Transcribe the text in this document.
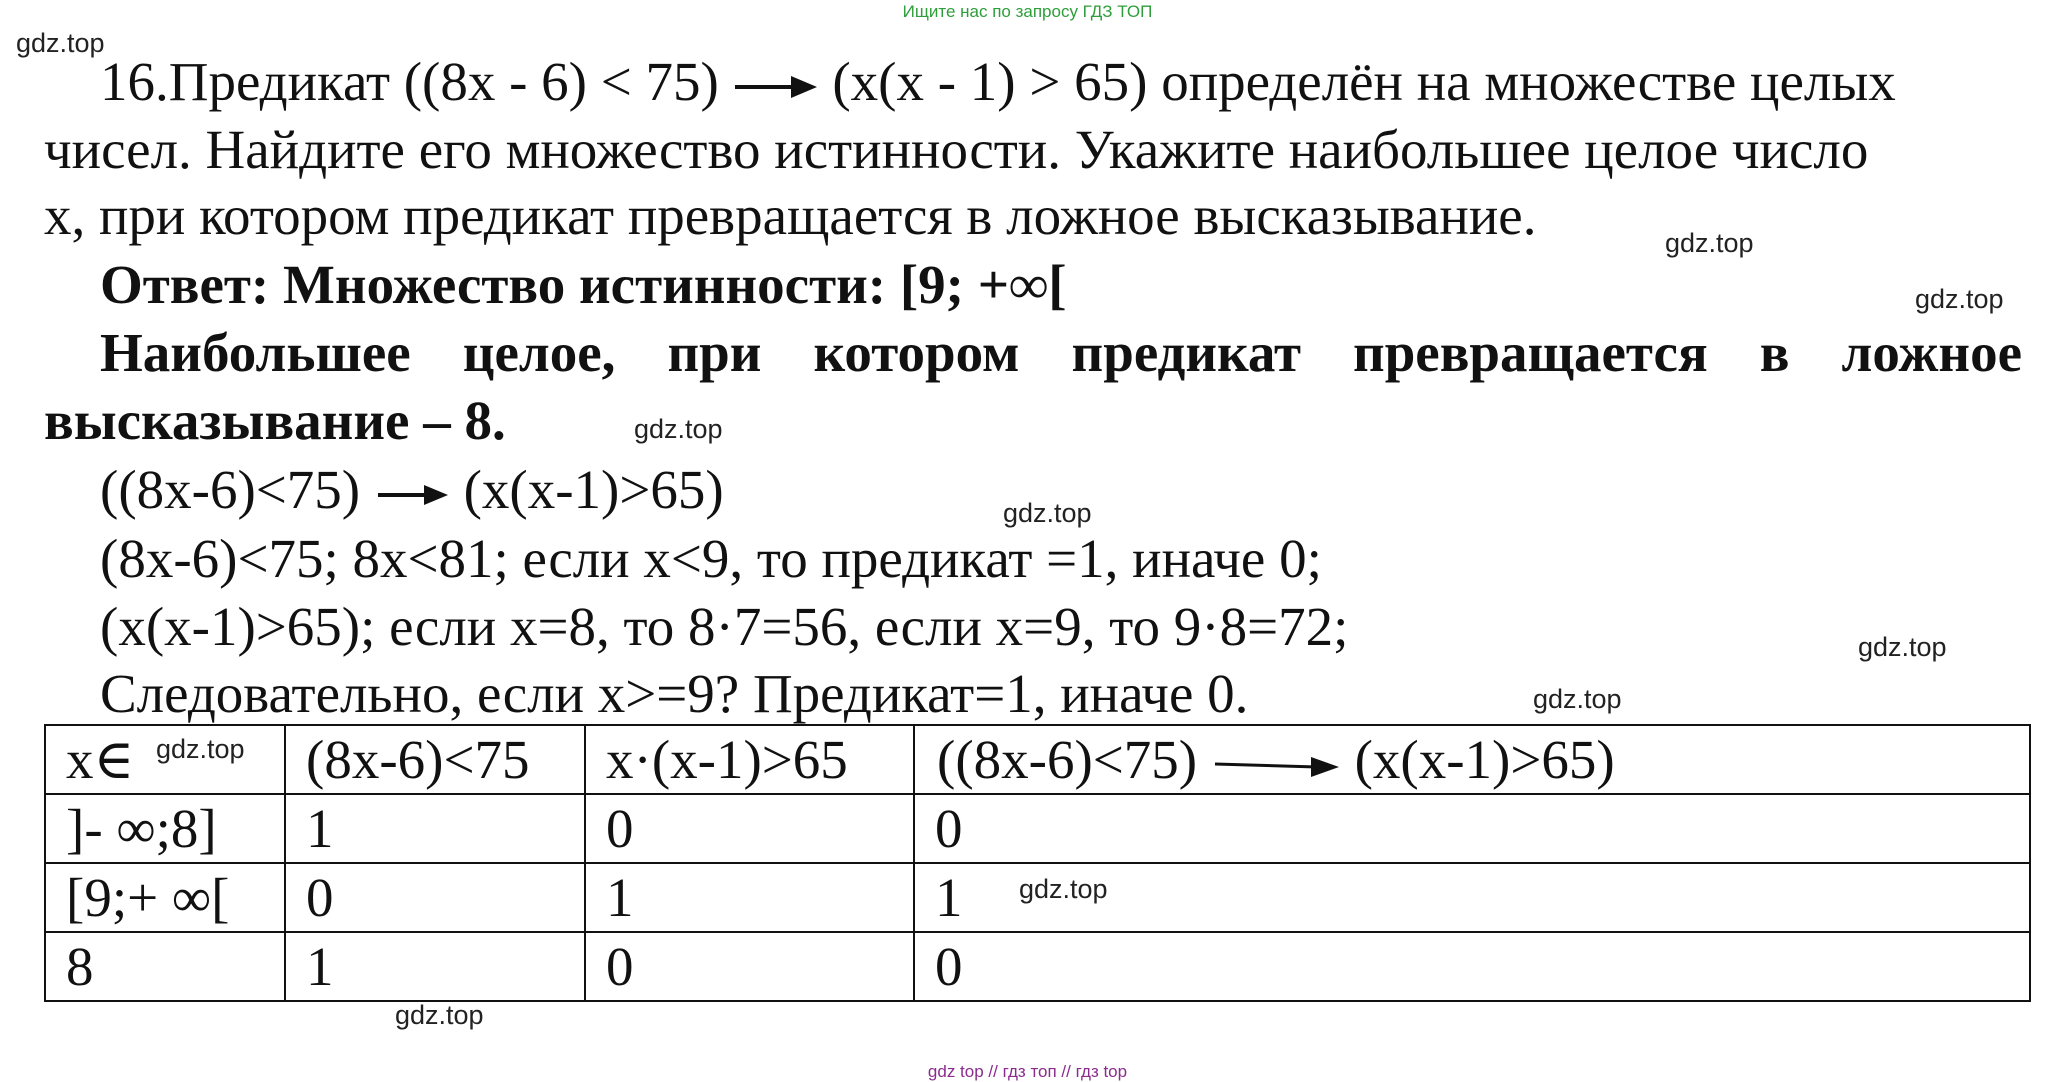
Ищите нас по запросу ГДЗ ТОП
16.Предикат ((8x - 6) < 75) (x(x - 1) > 65) определён на множестве целых
чисел. Найдите его множество истинности. Укажите наибольшее целое число
x, при котором предикат превращается в ложное высказывание.
Ответ: Множество истинности: [9; +∞[
Наибольшее целое, при котором предикат превращается в ложное
высказывание – 8.
((8x-6)<75) (x(x-1)>65)
(8x-6)<75; 8x<81; если x<9, то предикат =1, иначе 0;
(x(x-1)>65); если x=8, то 8·7=56, если x=9, то 9·8=72;
Следовательно, если x>=9? Предикат=1, иначе 0.
x∈	(8x-6)<75	x·(x-1)>65	((8x-6)<75) (x(x-1)>65)
]- ∞;8]	1	0	0
[9;+ ∞[	0	1	1
8	1	0	0
gdz.top
gdz.top
gdz.top
gdz.top
gdz.top
gdz.top
gdz.top
gdz.top
gdz.top
gdz.top
gdz top // гдз топ // гдз top
